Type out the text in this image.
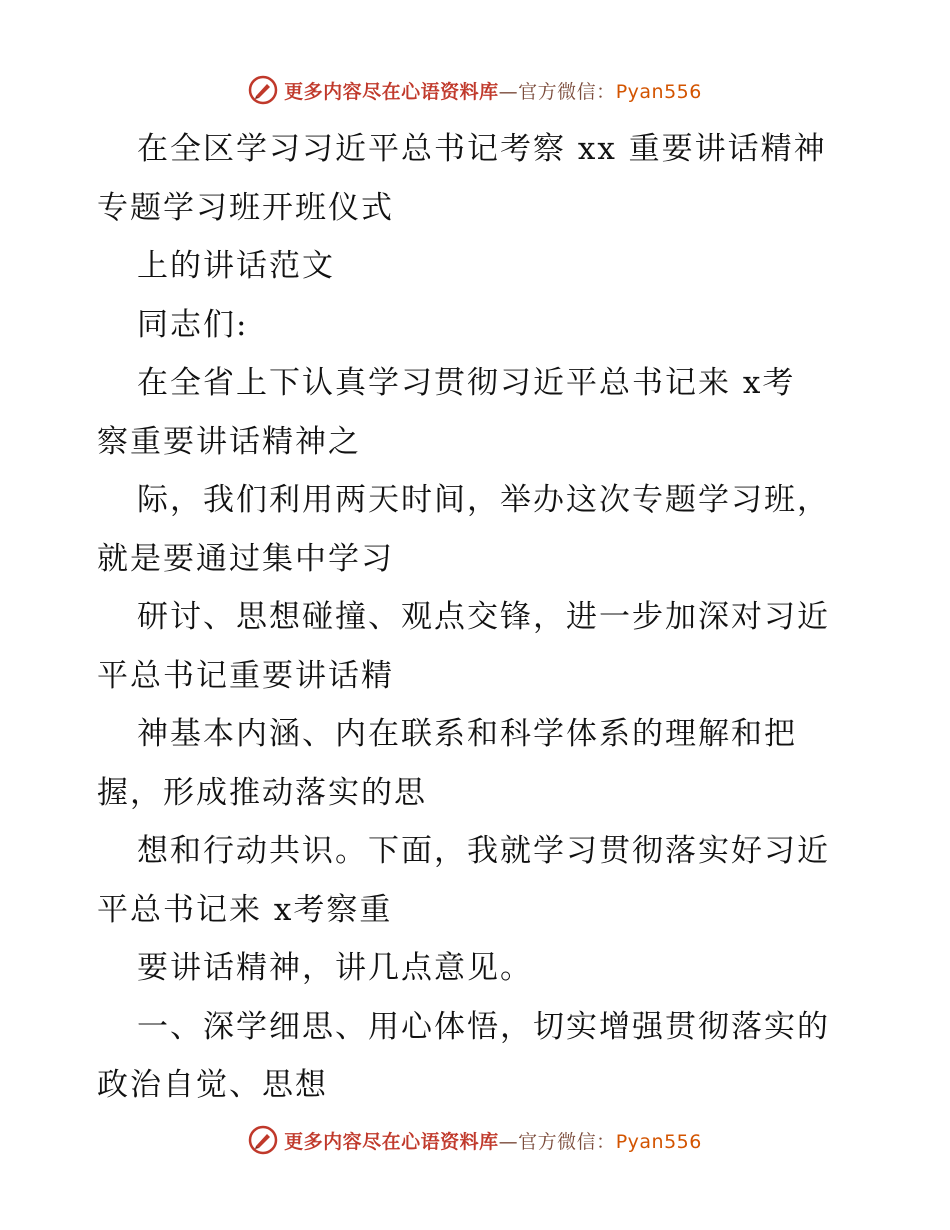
更多内容尽在心语资料库—官方微信：Pyan556
在全区学习习近平总书记考察 xx 重要讲话精神
专题学习班开班仪式
上的讲话范文
同志们:
在全省上下认真学习贯彻习近平总书记来 x考
察重要讲话精神之
际，我们利用两天时间，举办这次专题学习班，
就是要通过集中学习
研讨、思想碰撞、观点交锋，进一步加深对习近
平总书记重要讲话精
神基本内涵、内在联系和科学体系的理解和把
握，形成推动落实的思
想和行动共识。下面，我就学习贯彻落实好习近
平总书记来 x考察重
要讲话精神，讲几点意见。
一、深学细思、用心体悟，切实增强贯彻落实的
政治自觉、思想
更多内容尽在心语资料库—官方微信：Pyan556
